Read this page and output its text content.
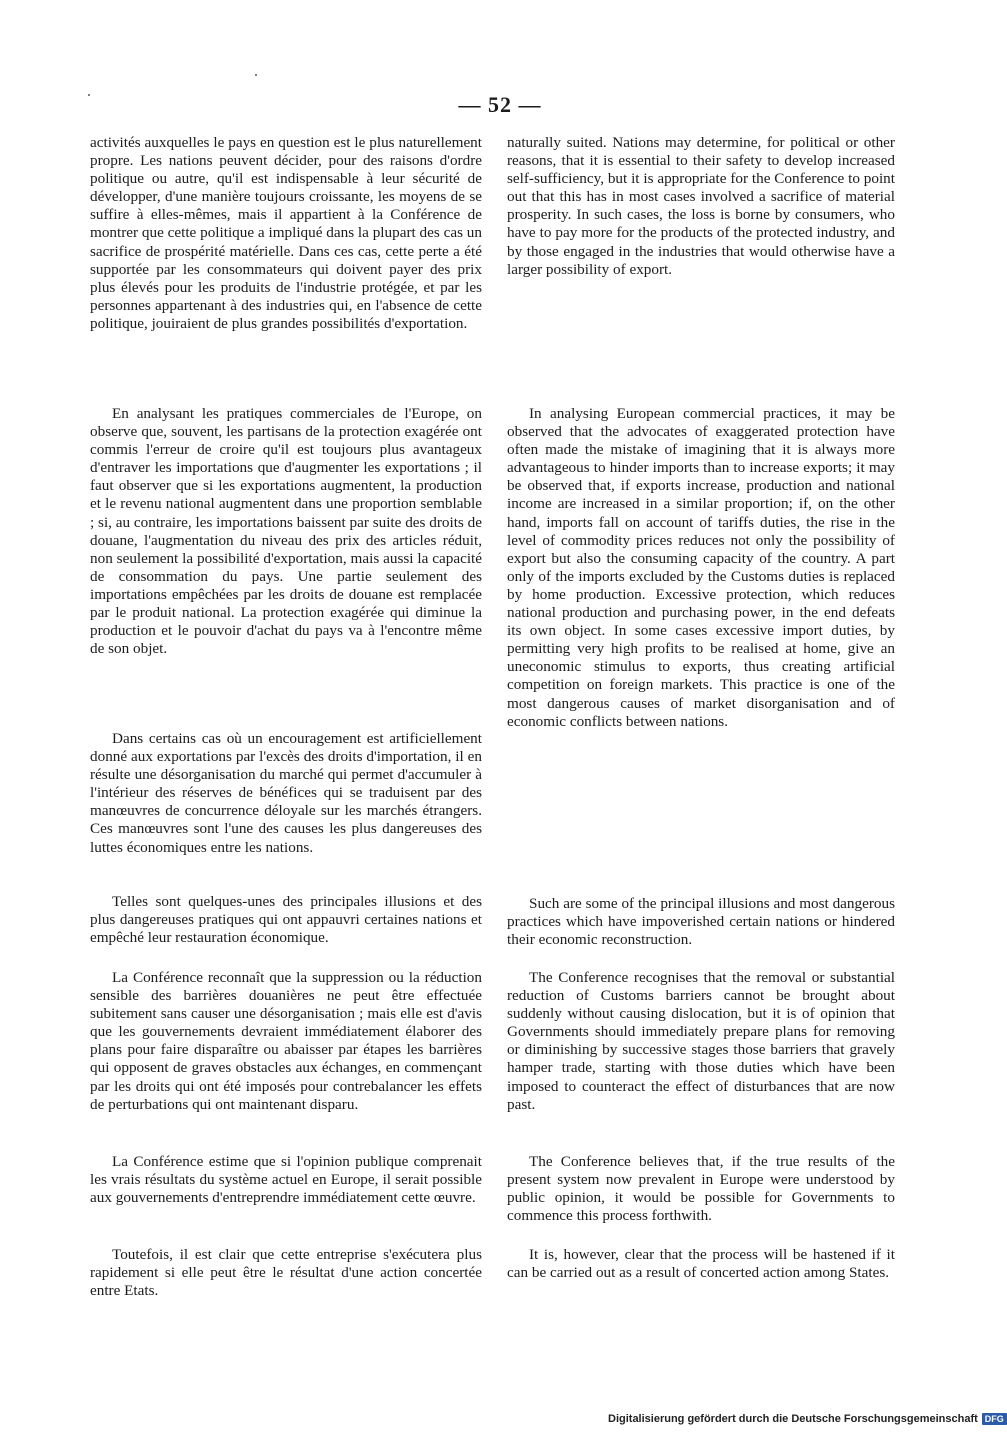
— 52 —

activités auxquelles le pays en question est le plus naturellement propre. Les nations peuvent décider, pour des raisons d'ordre politique ou autre, qu'il est indispensable à leur sécurité de développer, d'une manière toujours croissante, les moyens de se suffire à elles-mêmes, mais il appartient à la Conférence de montrer que cette politique a impliqué dans la plupart des cas un sacrifice de prospérité matérielle. Dans ces cas, cette perte a été supportée par les consommateurs qui doivent payer des prix plus élevés pour les produits de l'industrie protégée, et par les personnes appartenant à des industries qui, en l'absence de cette politique, jouiraient de plus grandes possibilités d'exportation.

En analysant les pratiques commerciales de l'Europe, on observe que, souvent, les partisans de la protection exagérée ont commis l'erreur de croire qu'il est toujours plus avantageux d'entraver les importations que d'augmenter les exportations ; il faut observer que si les exportations augmentent, la production et le revenu national augmentent dans une proportion semblable ; si, au contraire, les importations baissent par suite des droits de douane, l'augmentation du niveau des prix des articles réduit, non seulement la possibilité d'exportation, mais aussi la capacité de consommation du pays. Une partie seulement des importations empêchées par les droits de douane est remplacée par le produit national. La protection exagérée qui diminue la production et le pouvoir d'achat du pays va à l'encontre même de son objet.

Dans certains cas où un encouragement est artificiellement donné aux exportations par l'excès des droits d'importation, il en résulte une désorganisation du marché qui permet d'accumuler à l'intérieur des réserves de bénéfices qui se traduisent par des manœuvres de concurrence déloyale sur les marchés étrangers. Ces manœuvres sont l'une des causes les plus dangereuses des luttes économiques entre les nations.

Telles sont quelques-unes des principales illusions et des plus dangereuses pratiques qui ont appauvri certaines nations et empêché leur restauration économique.

La Conférence reconnaît que la suppression ou la réduction sensible des barrières douanières ne peut être effectuée subitement sans causer une désorganisation ; mais elle est d'avis que les gouvernements devraient immédiatement élaborer des plans pour faire disparaître ou abaisser par étapes les barrières qui opposent de graves obstacles aux échanges, en commençant par les droits qui ont été imposés pour contrebalancer les effets de perturbations qui ont maintenant disparu.

La Conférence estime que si l'opinion publique comprenait les vrais résultats du système actuel en Europe, il serait possible aux gouvernements d'entreprendre immédiatement cette œuvre.

Toutefois, il est clair que cette entreprise s'exécutera plus rapidement si elle peut être le résultat d'une action concertée entre Etats.

naturally suited. Nations may determine, for political or other reasons, that it is essential to their safety to develop increased self-sufficiency, but it is appropriate for the Conference to point out that this has in most cases involved a sacrifice of material prosperity. In such cases, the loss is borne by consumers, who have to pay more for the products of the protected industry, and by those engaged in the industries that would otherwise have a larger possibility of export.

In analysing European commercial practices, it may be observed that the advocates of exaggerated protection have often made the mistake of imagining that it is always more advantageous to hinder imports than to increase exports; it may be observed that, if exports increase, production and national income are increased in a similar proportion; if, on the other hand, imports fall on account of tariffs duties, the rise in the level of commodity prices reduces not only the possibility of export but also the consuming capacity of the country. A part only of the imports excluded by the Customs duties is replaced by home production. Excessive protection, which reduces national production and purchasing power, in the end defeats its own object. In some cases excessive import duties, by permitting very high profits to be realised at home, give an uneconomic stimulus to exports, thus creating artificial competition on foreign markets. This practice is one of the most dangerous causes of market disorganisation and of economic conflicts between nations.

Such are some of the principal illusions and most dangerous practices which have impoverished certain nations or hindered their economic reconstruction.

The Conference recognises that the removal or substantial reduction of Customs barriers cannot be brought about suddenly without causing dislocation, but it is of opinion that Governments should immediately prepare plans for removing or diminishing by successive stages those barriers that gravely hamper trade, starting with those duties which have been imposed to counteract the effect of disturbances that are now past.

The Conference believes that, if the true results of the present system now prevalent in Europe were understood by public opinion, it would be possible for Governments to commence this process forthwith.

It is, however, clear that the process will be hastened if it can be carried out as a result of concerted action among States.

Digitalisierung gefördert durch die Deutsche Forschungsgemeinschaft DFG
